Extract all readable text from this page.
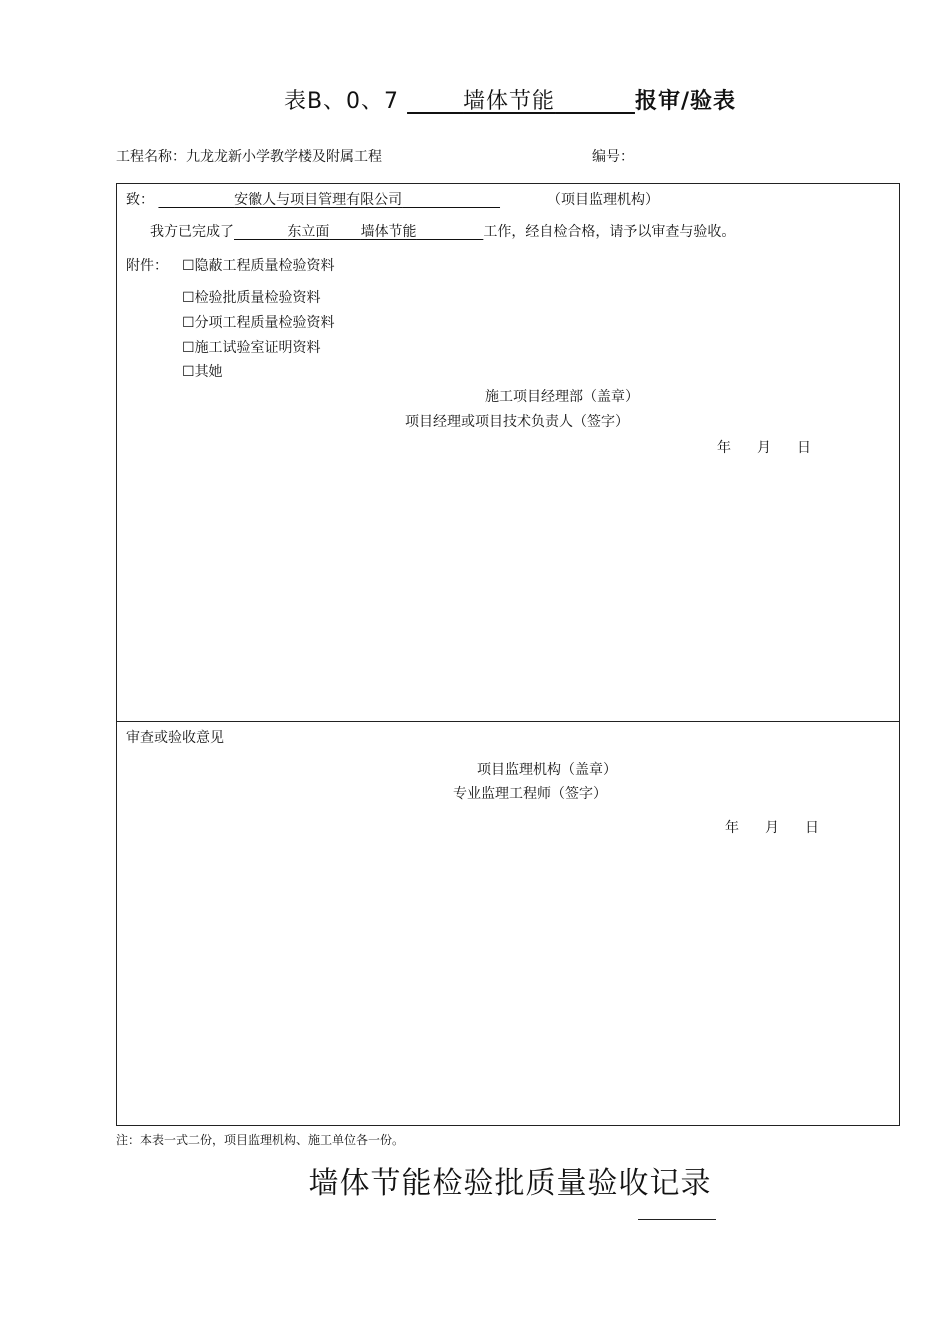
表B、0、7	墙体节能	报审/验表
工程名称：九龙龙新小学教学楼及附属工程	编号：
致：	安徽人与项目管理有限公司	（项目监理机构）
我方已完成了	东立面 墙体节能	工作，经自检合格，请予以审查与验收。
附件： ☐隐蔽工程质量检验资料
☐检验批质量检验资料
☐分项工程质量检验资料
☐施工试验室证明资料
☐其她
施工项目经理部（盖章）
项目经理或项目技术负责人（签字）
年 月 日
审查或验收意见
项目监理机构（盖章）
专业监理工程师（签字）
年 月 日
注：本表一式二份，项目监理机构、施工单位各一份。
墙体节能检验批质量验收记录
